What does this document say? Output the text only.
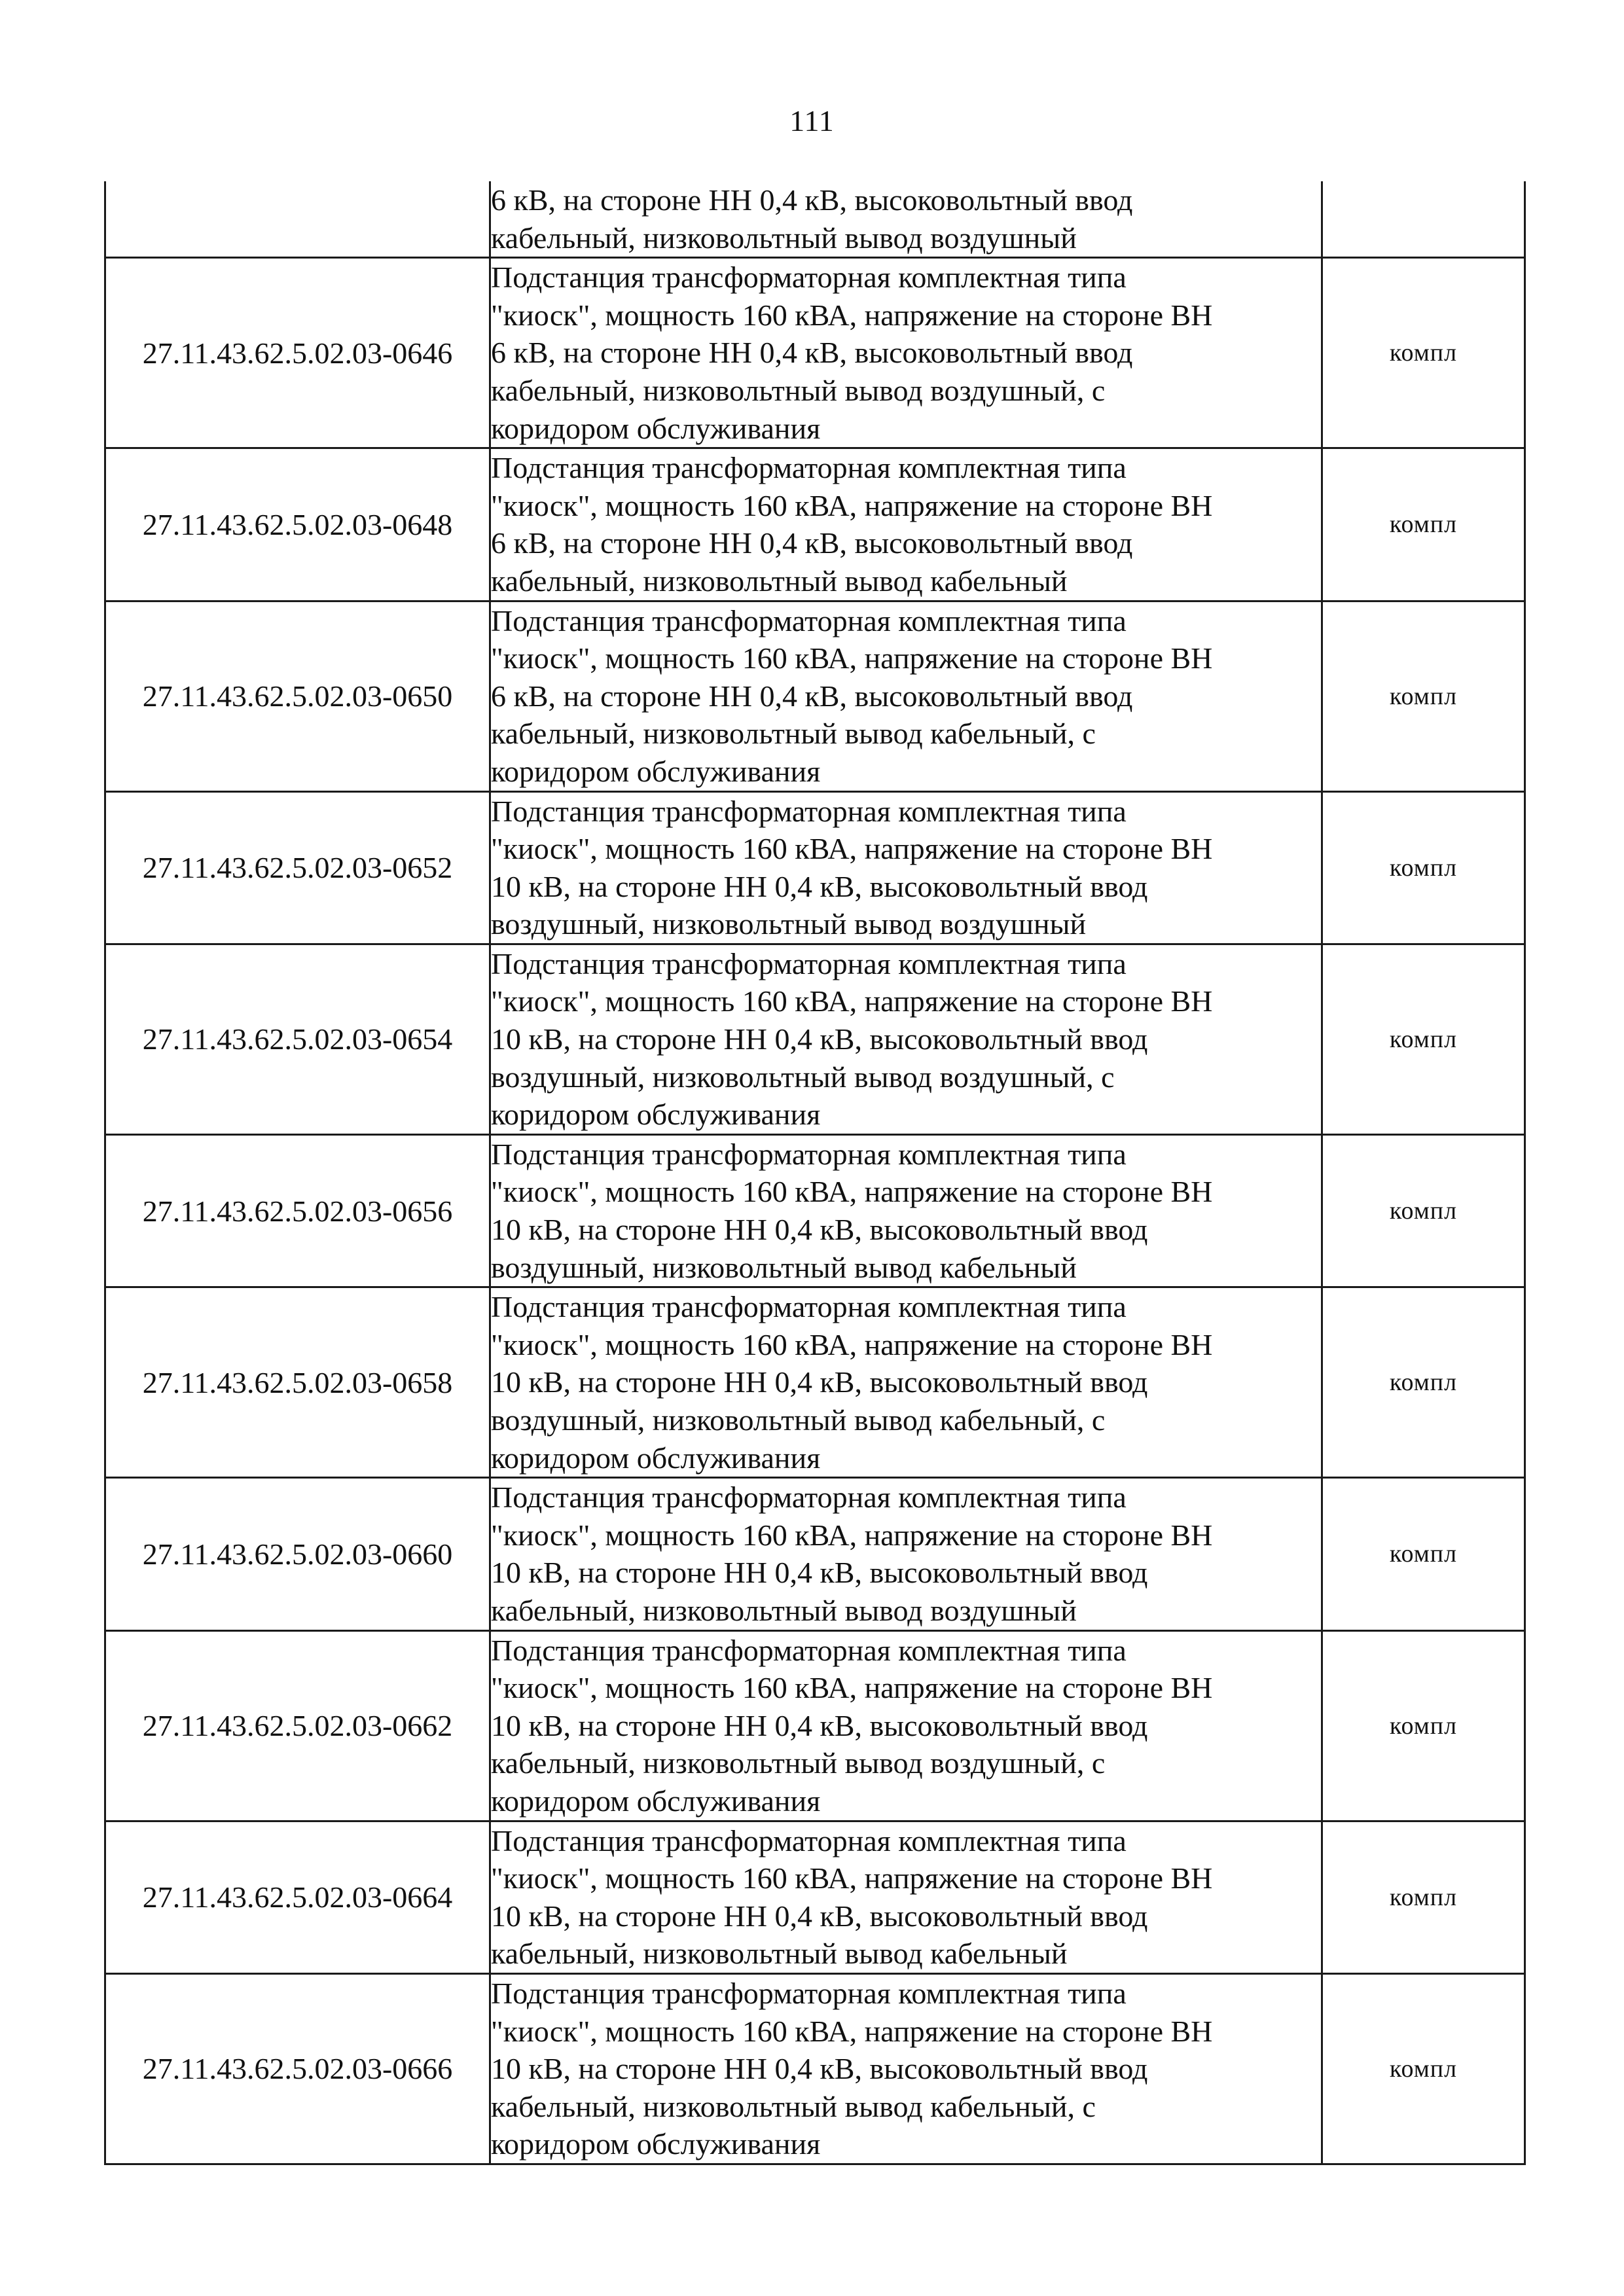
111

	6 кВ, на стороне НН 0,4 кВ, высоковольтный ввод
кабельный, низковольтный вывод воздушный	

27.11.43.62.5.02.03-0646	Подстанция трансформаторная комплектная типа
"киоск", мощность 160 кВА, напряжение на стороне ВН
6 кВ, на стороне НН 0,4 кВ, высоковольтный ввод
кабельный, низковольтный вывод воздушный, с
коридором обслуживания	компл
27.11.43.62.5.02.03-0648	Подстанция трансформаторная комплектная типа
"киоск", мощность 160 кВА, напряжение на стороне ВН
6 кВ, на стороне НН 0,4 кВ, высоковольтный ввод
кабельный, низковольтный вывод кабельный	компл
27.11.43.62.5.02.03-0650	Подстанция трансформаторная комплектная типа
"киоск", мощность 160 кВА, напряжение на стороне ВН
6 кВ, на стороне НН 0,4 кВ, высоковольтный ввод
кабельный, низковольтный вывод кабельный, с
коридором обслуживания	компл
27.11.43.62.5.02.03-0652	Подстанция трансформаторная комплектная типа
"киоск", мощность 160 кВА, напряжение на стороне ВН
10 кВ, на стороне НН 0,4 кВ, высоковольтный ввод
воздушный, низковольтный вывод воздушный	компл
27.11.43.62.5.02.03-0654	Подстанция трансформаторная комплектная типа
"киоск", мощность 160 кВА, напряжение на стороне ВН
10 кВ, на стороне НН 0,4 кВ, высоковольтный ввод
воздушный, низковольтный вывод воздушный, с
коридором обслуживания	компл
27.11.43.62.5.02.03-0656	Подстанция трансформаторная комплектная типа
"киоск", мощность 160 кВА, напряжение на стороне ВН
10 кВ, на стороне НН 0,4 кВ, высоковольтный ввод
воздушный, низковольтный вывод кабельный	компл
27.11.43.62.5.02.03-0658	Подстанция трансформаторная комплектная типа
"киоск", мощность 160 кВА, напряжение на стороне ВН
10 кВ, на стороне НН 0,4 кВ, высоковольтный ввод
воздушный, низковольтный вывод кабельный, с
коридором обслуживания	компл
27.11.43.62.5.02.03-0660	Подстанция трансформаторная комплектная типа
"киоск", мощность 160 кВА, напряжение на стороне ВН
10 кВ, на стороне НН 0,4 кВ, высоковольтный ввод
кабельный, низковольтный вывод воздушный	компл
27.11.43.62.5.02.03-0662	Подстанция трансформаторная комплектная типа
"киоск", мощность 160 кВА, напряжение на стороне ВН
10 кВ, на стороне НН 0,4 кВ, высоковольтный ввод
кабельный, низковольтный вывод воздушный, с
коридором обслуживания	компл
27.11.43.62.5.02.03-0664	Подстанция трансформаторная комплектная типа
"киоск", мощность 160 кВА, напряжение на стороне ВН
10 кВ, на стороне НН 0,4 кВ, высоковольтный ввод
кабельный, низковольтный вывод кабельный	компл
27.11.43.62.5.02.03-0666	Подстанция трансформаторная комплектная типа
"киоск", мощность 160 кВА, напряжение на стороне ВН
10 кВ, на стороне НН 0,4 кВ, высоковольтный ввод
кабельный, низковольтный вывод кабельный, с
коридором обслуживания	компл
